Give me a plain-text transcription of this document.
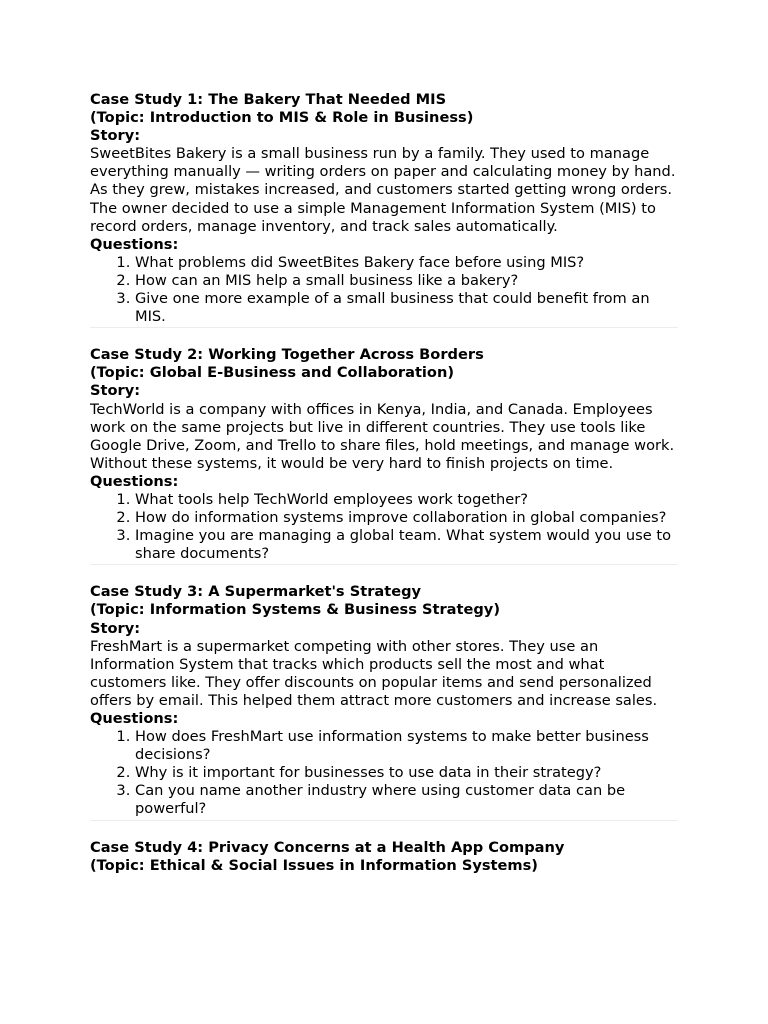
Case Study 1: The Bakery That Needed MIS
(Topic: Introduction to MIS & Role in Business)
Story:

SweetBites Bakery is a small business run by a family. They used to manage everything manually — writing orders on paper and calculating money by hand. As they grew, mistakes increased, and customers started getting wrong orders. The owner decided to use a simple Management Information System (MIS) to record orders, manage inventory, and track sales automatically.

Questions:
1. What problems did SweetBites Bakery face before using MIS?
2. How can an MIS help a small business like a bakery?
3. Give one more example of a small business that could benefit from an MIS.
Case Study 2: Working Together Across Borders
(Topic: Global E-Business and Collaboration)
Story:

TechWorld is a company with offices in Kenya, India, and Canada. Employees work on the same projects but live in different countries. They use tools like Google Drive, Zoom, and Trello to share files, hold meetings, and manage work. Without these systems, it would be very hard to finish projects on time.

Questions:
1. What tools help TechWorld employees work together?
2. How do information systems improve collaboration in global companies?
3. Imagine you are managing a global team. What system would you use to share documents?
Case Study 3: A Supermarket's Strategy
(Topic: Information Systems & Business Strategy)
Story:

FreshMart is a supermarket competing with other stores. They use an Information System that tracks which products sell the most and what customers like. They offer discounts on popular items and send personalized offers by email. This helped them attract more customers and increase sales.

Questions:
1. How does FreshMart use information systems to make better business decisions?
2. Why is it important for businesses to use data in their strategy?
3. Can you name another industry where using customer data can be powerful?
Case Study 4: Privacy Concerns at a Health App Company
(Topic: Ethical & Social Issues in Information Systems)
